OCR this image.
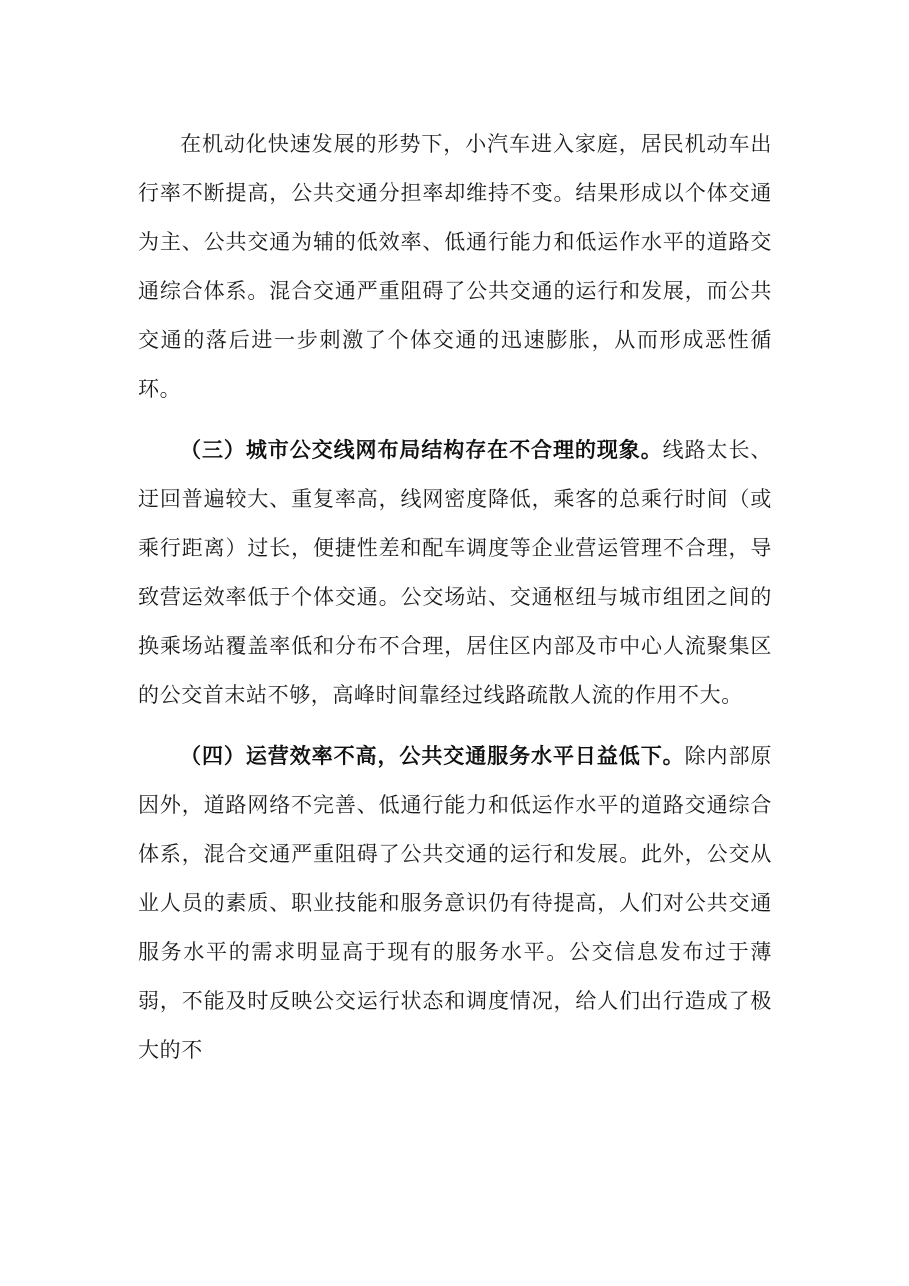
在机动化快速发展的形势下，小汽车进入家庭，居民机动车出行率不断提高，公共交通分担率却维持不变。结果形成以个体交通为主、公共交通为辅的低效率、低通行能力和低运作水平的道路交通综合体系。混合交通严重阻碍了公共交通的运行和发展，而公共交通的落后进一步刺激了个体交通的迅速膨胀，从而形成恶性循环。

（三）城市公交线网布局结构存在不合理的现象。线路太长、迂回普遍较大、重复率高，线网密度降低，乘客的总乘行时间（或乘行距离）过长，便捷性差和配车调度等企业营运管理不合理，导致营运效率低于个体交通。公交场站、交通枢纽与城市组团之间的换乘场站覆盖率低和分布不合理，居住区内部及市中心人流聚集区的公交首末站不够，高峰时间靠经过线路疏散人流的作用不大。

（四）运营效率不高，公共交通服务水平日益低下。除内部原因外，道路网络不完善、低通行能力和低运作水平的道路交通综合体系，混合交通严重阻碍了公共交通的运行和发展。此外，公交从业人员的素质、职业技能和服务意识仍有待提高，人们对公共交通服务水平的需求明显高于现有的服务水平。公交信息发布过于薄弱，不能及时反映公交运行状态和调度情况，给人们出行造成了极大的不
